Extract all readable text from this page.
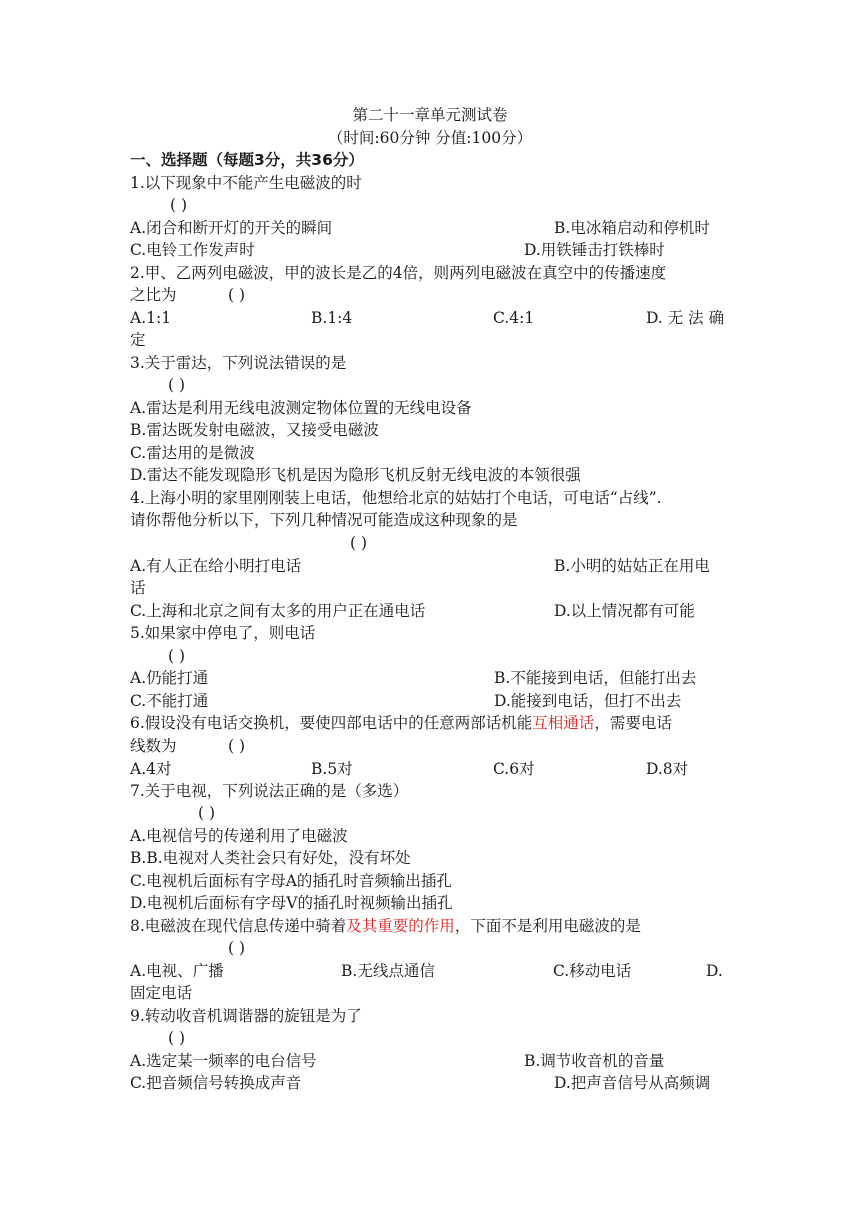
第二十一章单元测试卷
（时间:60分钟 分值:100分）
一、选择题（每题3分，共36分）
1.以下现象中不能产生电磁波的时
( )
A.闭合和断开灯的开关的瞬间	B.电冰箱启动和停机时
C.电铃工作发声时	D.用铁锤击打铁棒时
2.甲、乙两列电磁波，甲的波长是乙的4倍，则两列电磁波在真空中的传播速度
之比为	( )
A.1:1	B.1:4	C.4:1	D. 无 法 确
定
3.关于雷达，下列说法错误的是
( )
A.雷达是利用无线电波测定物体位置的无线电设备
B.雷达既发射电磁波，又接受电磁波
C.雷达用的是微波
D.雷达不能发现隐形飞机是因为隐形飞机反射无线电波的本领很强
4.上海小明的家里刚刚装上电话，他想给北京的姑姑打个电话，可电话“占线”.
请你帮他分析以下，下列几种情况可能造成这种现象的是
( )
A.有人正在给小明打电话	B.小明的姑姑正在用电
话
C.上海和北京之间有太多的用户正在通电话	D.以上情况都有可能
5.如果家中停电了，则电话
( )
A.仍能打通	B.不能接到电话，但能打出去
C.不能打通	D.能接到电话，但打不出去
6.假设没有电话交换机，要使四部电话中的任意两部话机能互相通话，需要电话
线数为	( )
A.4对	B.5对	C.6对	D.8对
7.关于电视，下列说法正确的是（多选）
( )
A.电视信号的传递利用了电磁波
B.B.电视对人类社会只有好处，没有坏处
C.电视机后面标有字母A的插孔时音频输出插孔
D.电视机后面标有字母V的插孔时视频输出插孔
8.电磁波在现代信息传递中骑着及其重要的作用，下面不是利用电磁波的是
( )
A.电视、广播	B.无线点通信	C.移动电话	D.
固定电话
9.转动收音机调谐器的旋钮是为了
( )
A.选定某一频率的电台信号	B.调节收音机的音量
C.把音频信号转换成声音	D.把声音信号从高频调
